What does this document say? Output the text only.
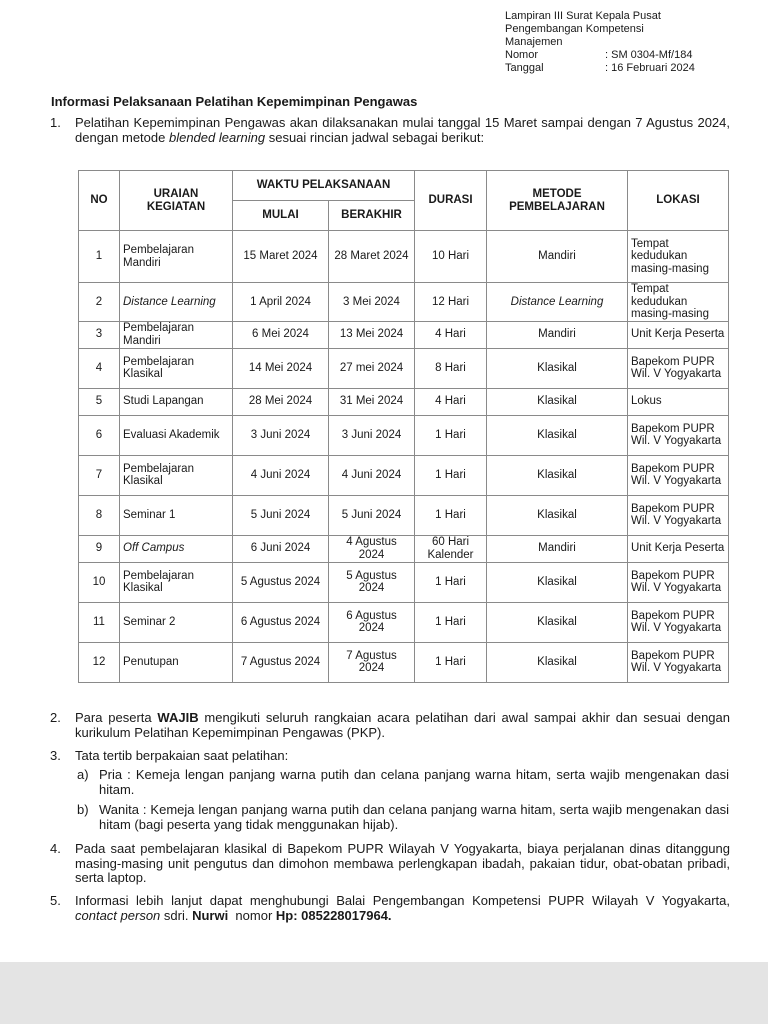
Lampiran III Surat Kepala Pusat
Pengembangan Kompetensi
Manajemen
Nomor	: SM 0304-Mf/184
Tanggal	: 16 Februari 2024
Informasi Pelaksanaan Pelatihan Kepemimpinan Pengawas
1. Pelatihan Kepemimpinan Pengawas akan dilaksanakan mulai tanggal 15 Maret sampai dengan 7 Agustus 2024, dengan metode blended learning sesuai rincian jadwal sebagai berikut:
NO	URAIAN KEGIATAN	WAKTU PELAKSANAAN		DURASI	METODE PEMBELAJARAN	LOKASI
		MULAI	BERAKHIR			
1	Pembelajaran Mandiri	15 Maret 2024	28 Maret 2024	10 Hari	Mandiri	Tempat kedudukan masing-masing
2	Distance Learning	1 April 2024	3 Mei 2024	12 Hari	Distance Learning	Tempat kedudukan masing-masing
3	Pembelajaran Mandiri	6 Mei 2024	13 Mei 2024	4 Hari	Mandiri	Unit Kerja Peserta
4	Pembelajaran Klasikal	14 Mei 2024	27 mei 2024	8 Hari	Klasikal	Bapekom PUPR Wil. V Yogyakarta
5	Studi Lapangan	28 Mei 2024	31 Mei 2024	4 Hari	Klasikal	Lokus
6	Evaluasi Akademik	3 Juni 2024	3 Juni 2024	1 Hari	Klasikal	Bapekom PUPR Wil. V Yogyakarta
7	Pembelajaran Klasikal	4 Juni 2024	4 Juni 2024	1 Hari	Klasikal	Bapekom PUPR Wil. V Yogyakarta
8	Seminar 1	5 Juni 2024	5 Juni 2024	1 Hari	Klasikal	Bapekom PUPR Wil. V Yogyakarta
9	Off Campus	6 Juni 2024	4 Agustus 2024	60 Hari Kalender	Mandiri	Unit Kerja Peserta
10	Pembelajaran Klasikal	5 Agustus 2024	5 Agustus 2024	1 Hari	Klasikal	Bapekom PUPR Wil. V Yogyakarta
11	Seminar 2	6 Agustus 2024	6 Agustus 2024	1 Hari	Klasikal	Bapekom PUPR Wil. V Yogyakarta
12	Penutupan	7 Agustus 2024	7 Agustus 2024	1 Hari	Klasikal	Bapekom PUPR Wil. V Yogyakarta
2. Para peserta WAJIB mengikuti seluruh rangkaian acara pelatihan dari awal sampai akhir dan sesuai dengan kurikulum Pelatihan Kepemimpinan Pengawas (PKP).
3. Tata tertib berpakaian saat pelatihan:
a) Pria : Kemeja lengan panjang warna putih dan celana panjang warna hitam, serta wajib mengenakan dasi hitam.
b) Wanita : Kemeja lengan panjang warna putih dan celana panjang warna hitam, serta wajib mengenakan dasi hitam (bagi peserta yang tidak menggunakan hijab).
4. Pada saat pembelajaran klasikal di Bapekom PUPR Wilayah V Yogyakarta, biaya perjalanan dinas ditanggung masing-masing unit pengutus dan dimohon membawa perlengkapan ibadah, pakaian tidur, obat-obatan pribadi, serta laptop.
5. Informasi lebih lanjut dapat menghubungi Balai Pengembangan Kompetensi PUPR Wilayah V Yogyakarta, contact person sdri. Nurwi  nomor Hp: 085228017964.
